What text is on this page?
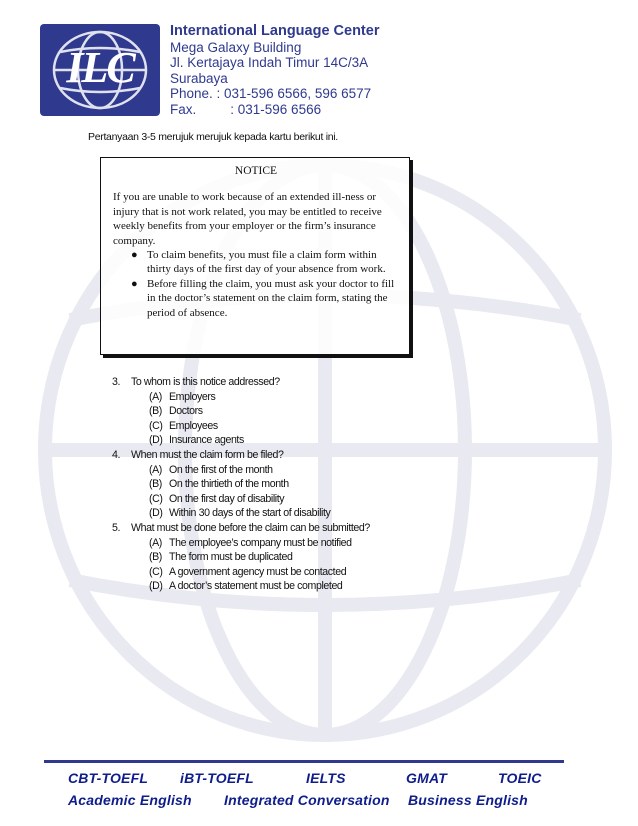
ILC
International Language Center
Mega Galaxy Building
Jl. Kertajaya Indah Timur 14C/3A
Surabaya
Phone. : 031-596 6566, 596 6577
Fax.	: 031-596 6566
Pertanyaan 3-5 merujuk merujuk kepada kartu berikut ini.
NOTICE

If you are unable to work because of an extended ill-ness or injury that is not work related, you may be entitled to receive weekly benefits from your employer or the firm’s insurance company.

● To claim benefits, you must file a claim form within thirty days of the first day of your absence from work.
● Before filling the claim, you must ask your doctor to fill in the doctor’s statement on the claim form, stating the period of absence.
3.	To whom is this notice addressed?
(A) Employers
(B) Doctors
(C) Employees
(D) Insurance agents
4.	When must the claim form be filed?
(A) On the first of the month
(B) On the thirtieth of the month
(C) On the first day of disability
(D) Within 30 days of the start of disability
5.	What must be done before the claim can be submitted?
(A) The employee’s company must be notified
(B) The form must be duplicated
(C) A government agency must be contacted
(D) A doctor’s statement must be completed
CBT-TOEFL iBT-TOEFL	IELTS	GMAT	TOEIC
Academic English Integrated Conversation Business English
